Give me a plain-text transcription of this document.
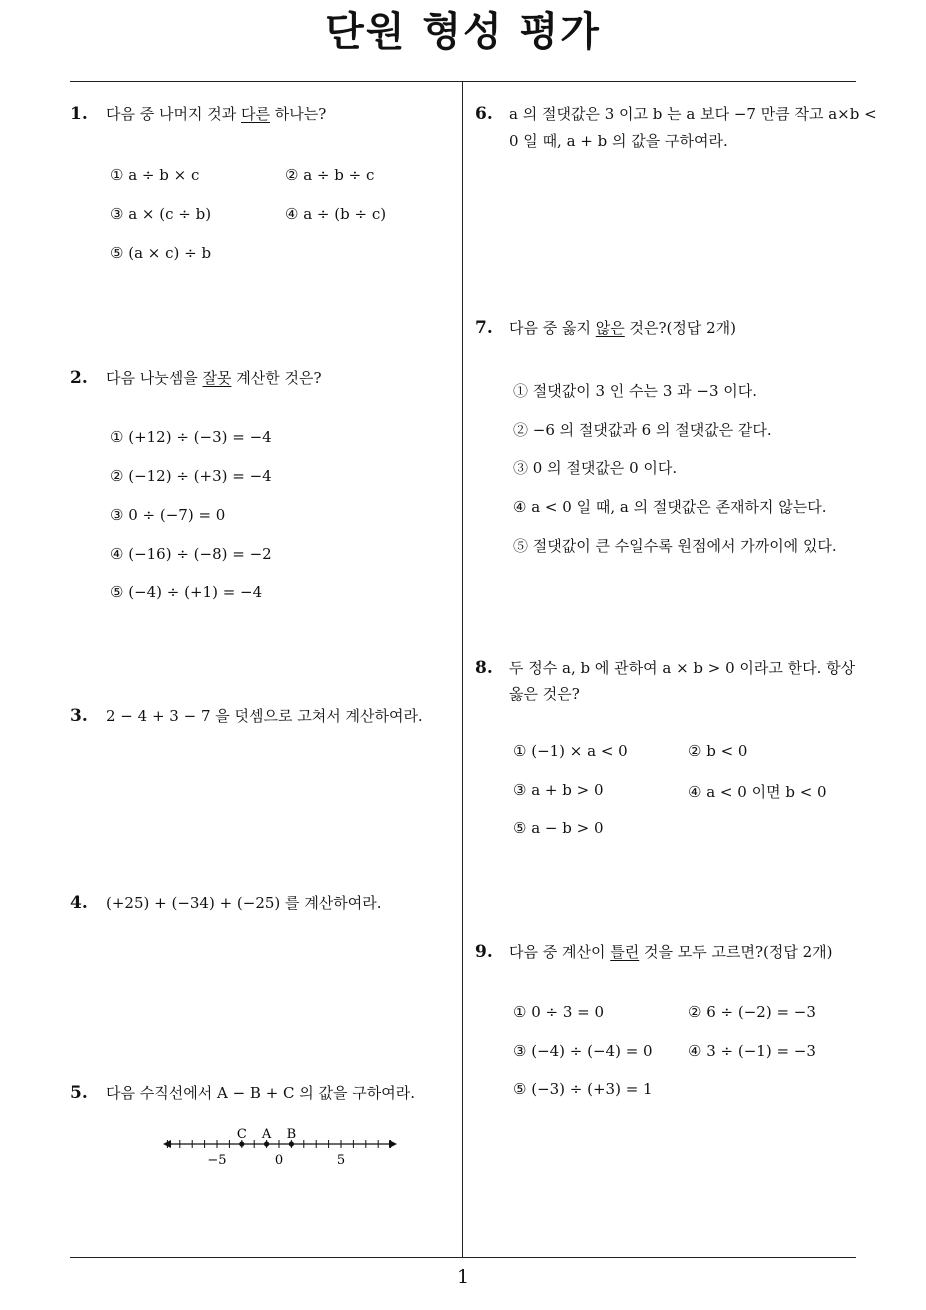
단원 형성 평가
1. 다음 중 나머지 것과 다른 하나는?
① a ÷ b × c	② a ÷ b ÷ c
③ a × (c ÷ b)	④ a ÷ (b ÷ c)
⑤ (a × c) ÷ b
2. 다음 나눗셈을 잘못 계산한 것은?
① (+12) ÷ (−3) = −4
② (−12) ÷ (+3) = −4
③ 0 ÷ (−7) = 0
④ (−16) ÷ (−8) = −2
⑤ (−4) ÷ (+1) = −4
3. 2 − 4 + 3 − 7 을 덧셈으로 고쳐서 계산하여라.
4. (+25) + (−34) + (−25) 를 계산하여라.
5. 다음 수직선에서 A − B + C 의 값을 구하여라.
C A B
−5	0	5
6. a 의 절댓값은 3 이고 b 는 a 보다 −7 만큼 작고 a×b <
0 일 때, a + b 의 값을 구하여라.
7. 다음 중 옳지 않은 것은?(정답 2개)
① 절댓값이 3 인 수는 3 과 −3 이다.
② −6 의 절댓값과 6 의 절댓값은 같다.
③ 0 의 절댓값은 0 이다.
④ a < 0 일 때, a 의 절댓값은 존재하지 않는다.
⑤ 절댓값이 큰 수일수록 원점에서 가까이에 있다.
8. 두 정수 a, b 에 관하여 a × b > 0 이라고 한다. 항상
옳은 것은?
① (−1) × a < 0	② b < 0
③ a + b > 0	④ a < 0 이면 b < 0
⑤ a − b > 0
9. 다음 중 계산이 틀린 것을 모두 고르면?(정답 2개)
① 0 ÷ 3 = 0	② 6 ÷ (−2) = −3
③ (−4) ÷ (−4) = 0 ④ 3 ÷ (−1) = −3
⑤ (−3) ÷ (+3) = 1
1
